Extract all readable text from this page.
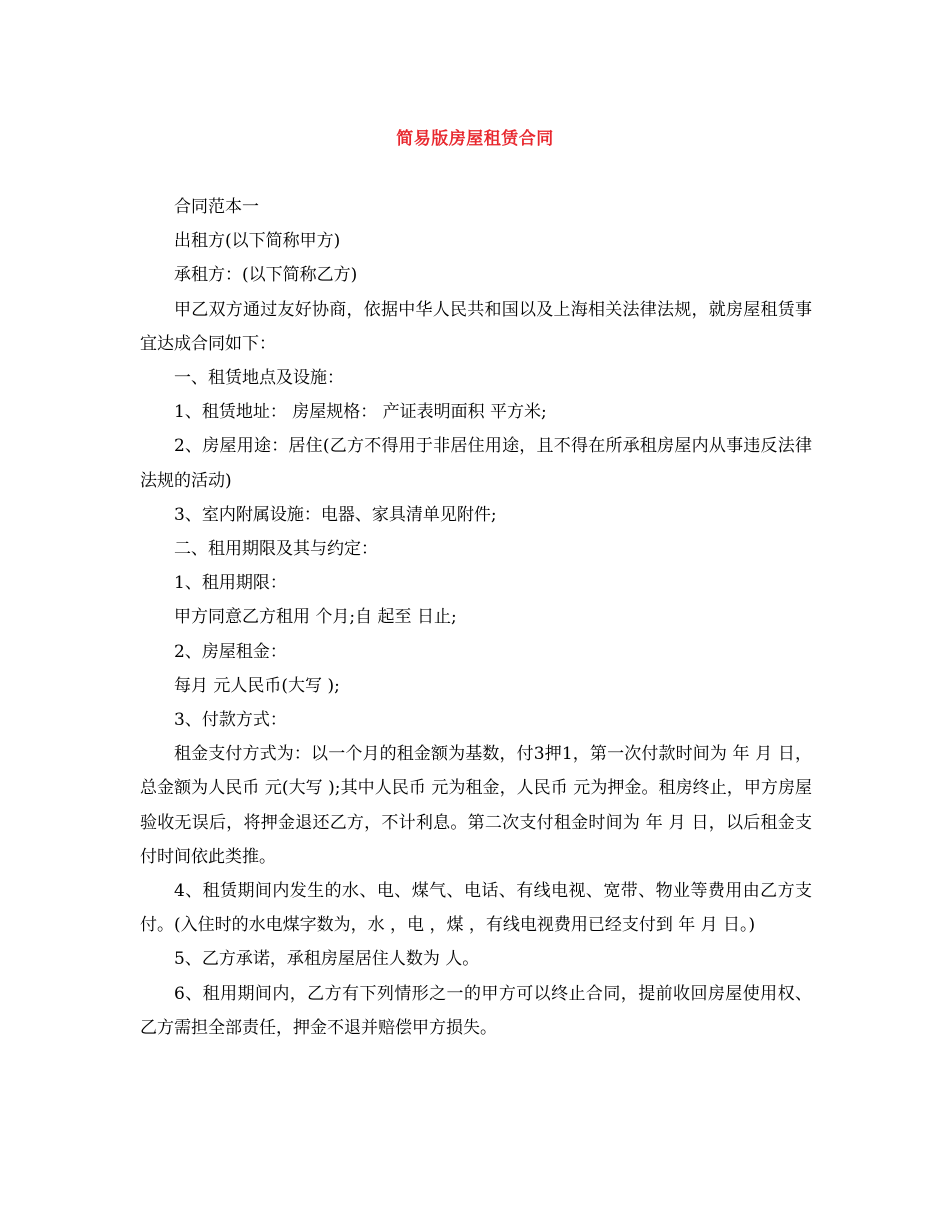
简易版房屋租赁合同

合同范本一

出租方(以下简称甲方)

承租方：(以下简称乙方)

甲乙双方通过友好协商，依据中华人民共和国以及上海相关法律法规，就房屋租赁事宜达成合同如下：

一、租赁地点及设施：

1、租赁地址： 房屋规格： 产证表明面积 平方米;

2、房屋用途：居住(乙方不得用于非居住用途，且不得在所承租房屋内从事违反法律法规的活动)

3、室内附属设施：电器、家具清单见附件;

二、租用期限及其与约定：

1、租用期限：

甲方同意乙方租用 个月;自 起至 日止;

2、房屋租金：

每月 元人民币(大写 );

3、付款方式：

租金支付方式为：以一个月的租金额为基数，付3押1，第一次付款时间为 年 月 日，总金额为人民币 元(大写 );其中人民币 元为租金，人民币 元为押金。租房终止，甲方房屋验收无误后，将押金退还乙方，不计利息。第二次支付租金时间为 年 月 日，以后租金支付时间依此类推。

4、租赁期间内发生的水、电、煤气、电话、有线电视、宽带、物业等费用由乙方支付。(入住时的水电煤字数为，水 ，电 ，煤 ，有线电视费用已经支付到 年 月 日。)

5、乙方承诺，承租房屋居住人数为 人。

6、租用期间内，乙方有下列情形之一的甲方可以终止合同，提前收回房屋使用权、乙方需担全部责任，押金不退并赔偿甲方损失。
